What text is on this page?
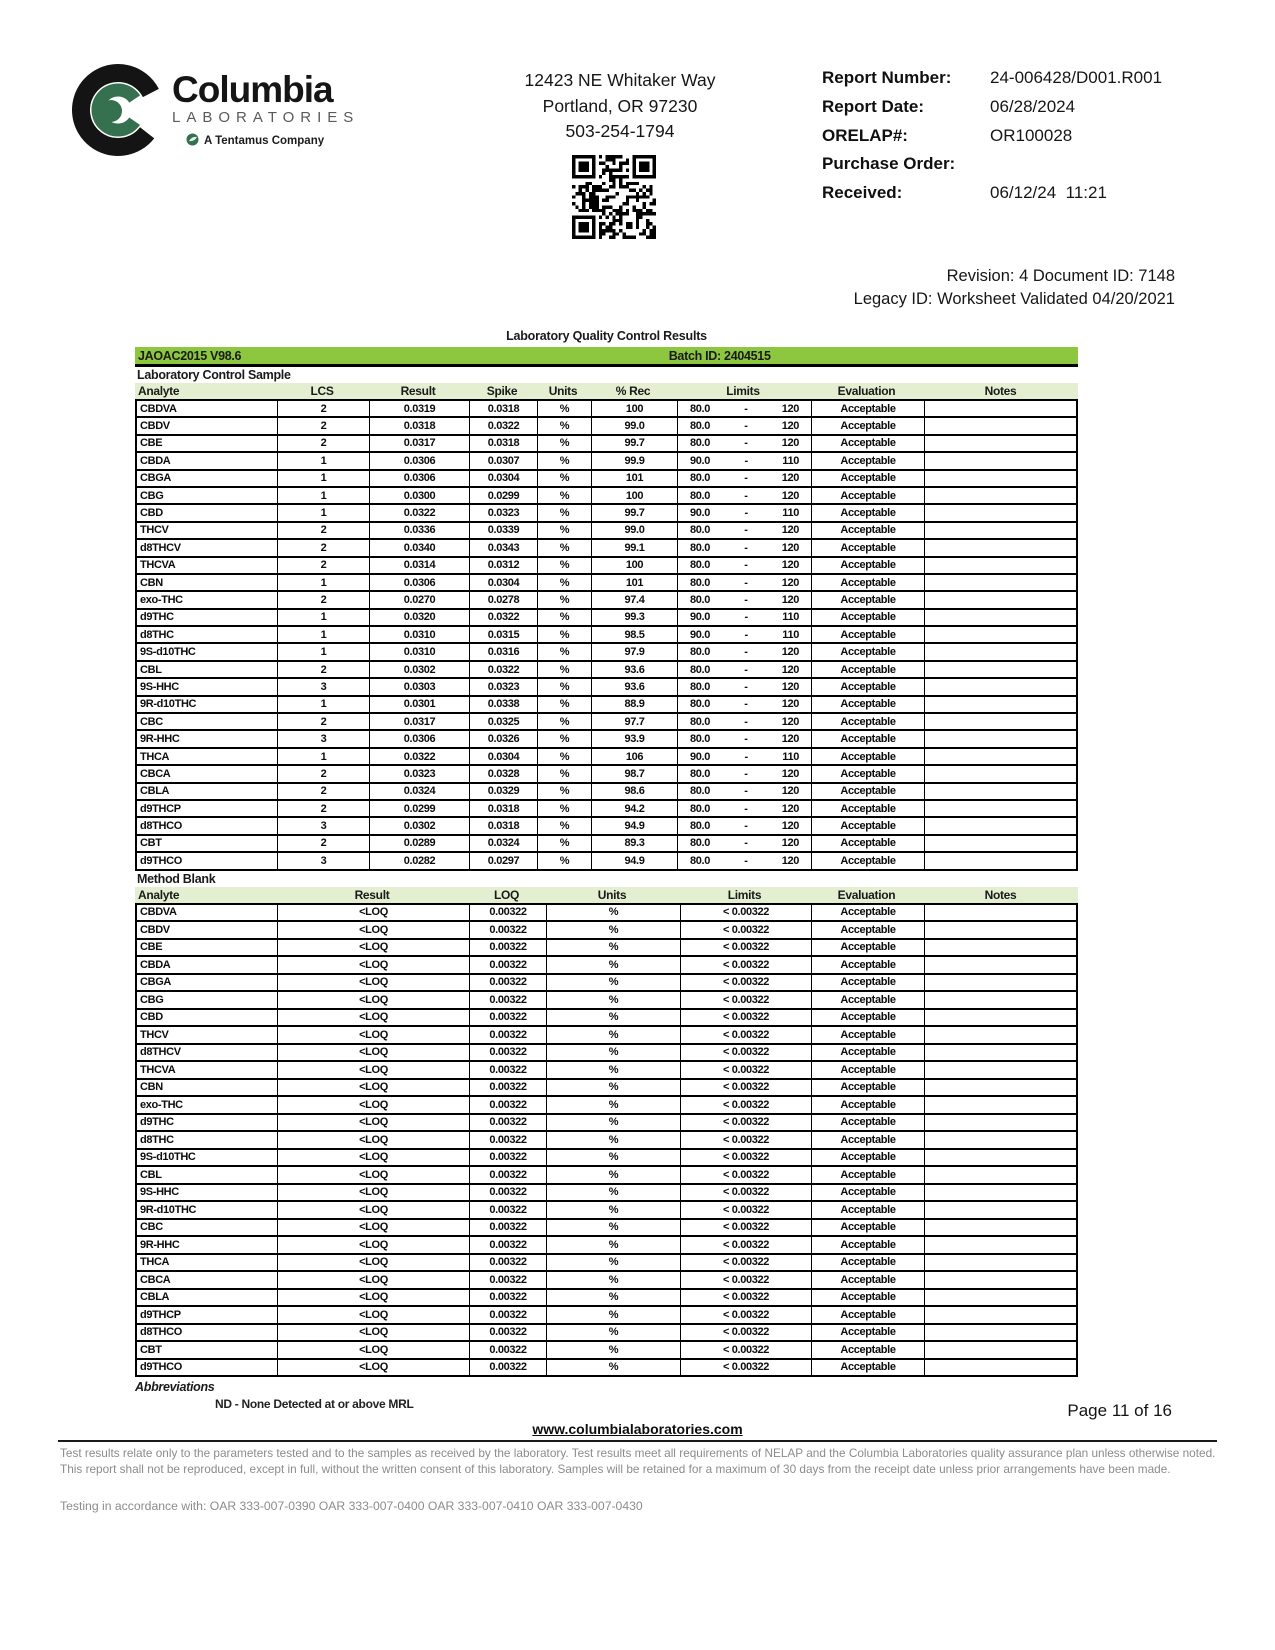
Columbia
LABORATORIES
A Tentamus Company
12423 NE Whitaker Way
Portland, OR 97230
503-254-1794
Report Number:	24-006428/D001.R001
Report Date:	06/28/2024
ORELAP#:	OR100028
Purchase Order:
Received:	06/12/24  11:21
Revision: 4 Document ID: 7148
Legacy ID: Worksheet Validated 04/20/2021
Laboratory Quality Control Results
JAOAC2015 V98.6	Batch ID: 2404515
Laboratory Control Sample
Analyte	LCS	Result	Spike	Units	% Rec	Limits	Evaluation	Notes
CBDVA	2	0.0319	0.0318	%	100	80.0	-	120	Acceptable
CBDV	2	0.0318	0.0322	%	99.0	80.0	-	120	Acceptable
CBE	2	0.0317	0.0318	%	99.7	80.0	-	120	Acceptable
CBDA	1	0.0306	0.0307	%	99.9	90.0	-	110	Acceptable
CBGA	1	0.0306	0.0304	%	101	80.0	-	120	Acceptable
CBG	1	0.0300	0.0299	%	100	80.0	-	120	Acceptable
CBD	1	0.0322	0.0323	%	99.7	90.0	-	110	Acceptable
THCV	2	0.0336	0.0339	%	99.0	80.0	-	120	Acceptable
d8THCV	2	0.0340	0.0343	%	99.1	80.0	-	120	Acceptable
THCVA	2	0.0314	0.0312	%	100	80.0	-	120	Acceptable
CBN	1	0.0306	0.0304	%	101	80.0	-	120	Acceptable
exo-THC	2	0.0270	0.0278	%	97.4	80.0	-	120	Acceptable
d9THC	1	0.0320	0.0322	%	99.3	90.0	-	110	Acceptable
d8THC	1	0.0310	0.0315	%	98.5	90.0	-	110	Acceptable
9S-d10THC	1	0.0310	0.0316	%	97.9	80.0	-	120	Acceptable
CBL	2	0.0302	0.0322	%	93.6	80.0	-	120	Acceptable
9S-HHC	3	0.0303	0.0323	%	93.6	80.0	-	120	Acceptable
9R-d10THC	1	0.0301	0.0338	%	88.9	80.0	-	120	Acceptable
CBC	2	0.0317	0.0325	%	97.7	80.0	-	120	Acceptable
9R-HHC	3	0.0306	0.0326	%	93.9	80.0	-	120	Acceptable
THCA	1	0.0322	0.0304	%	106	90.0	-	110	Acceptable
CBCA	2	0.0323	0.0328	%	98.7	80.0	-	120	Acceptable
CBLA	2	0.0324	0.0329	%	98.6	80.0	-	120	Acceptable
d9THCP	2	0.0299	0.0318	%	94.2	80.0	-	120	Acceptable
d8THCO	3	0.0302	0.0318	%	94.9	80.0	-	120	Acceptable
CBT	2	0.0289	0.0324	%	89.3	80.0	-	120	Acceptable
d9THCO	3	0.0282	0.0297	%	94.9	80.0	-	120	Acceptable
Method Blank
Analyte	Result	LOQ	Units	Limits	Evaluation	Notes
CBDVA	<LOQ	0.00322	%	< 0.00322	Acceptable
CBDV	<LOQ	0.00322	%	< 0.00322	Acceptable
CBE	<LOQ	0.00322	%	< 0.00322	Acceptable
CBDA	<LOQ	0.00322	%	< 0.00322	Acceptable
CBGA	<LOQ	0.00322	%	< 0.00322	Acceptable
CBG	<LOQ	0.00322	%	< 0.00322	Acceptable
CBD	<LOQ	0.00322	%	< 0.00322	Acceptable
THCV	<LOQ	0.00322	%	< 0.00322	Acceptable
d8THCV	<LOQ	0.00322	%	< 0.00322	Acceptable
THCVA	<LOQ	0.00322	%	< 0.00322	Acceptable
CBN	<LOQ	0.00322	%	< 0.00322	Acceptable
exo-THC	<LOQ	0.00322	%	< 0.00322	Acceptable
d9THC	<LOQ	0.00322	%	< 0.00322	Acceptable
d8THC	<LOQ	0.00322	%	< 0.00322	Acceptable
9S-d10THC	<LOQ	0.00322	%	< 0.00322	Acceptable
CBL	<LOQ	0.00322	%	< 0.00322	Acceptable
9S-HHC	<LOQ	0.00322	%	< 0.00322	Acceptable
9R-d10THC	<LOQ	0.00322	%	< 0.00322	Acceptable
CBC	<LOQ	0.00322	%	< 0.00322	Acceptable
9R-HHC	<LOQ	0.00322	%	< 0.00322	Acceptable
THCA	<LOQ	0.00322	%	< 0.00322	Acceptable
CBCA	<LOQ	0.00322	%	< 0.00322	Acceptable
CBLA	<LOQ	0.00322	%	< 0.00322	Acceptable
d9THCP	<LOQ	0.00322	%	< 0.00322	Acceptable
d8THCO	<LOQ	0.00322	%	< 0.00322	Acceptable
CBT	<LOQ	0.00322	%	< 0.00322	Acceptable
d9THCO	<LOQ	0.00322	%	< 0.00322	Acceptable
Abbreviations
ND - None Detected at or above MRL	Page 11 of 16
www.columbialaboratories.com
Test results relate only to the parameters tested and to the samples as received by the laboratory. Test results meet all requirements of NELAP and the Columbia Laboratories quality assurance plan unless otherwise noted. This report shall not be reproduced, except in full, without the written consent of this laboratory. Samples will be retained for a maximum of 30 days from the receipt date unless prior arrangements have been made.
Testing in accordance with: OAR 333-007-0390 OAR 333-007-0400 OAR 333-007-0410 OAR 333-007-0430
